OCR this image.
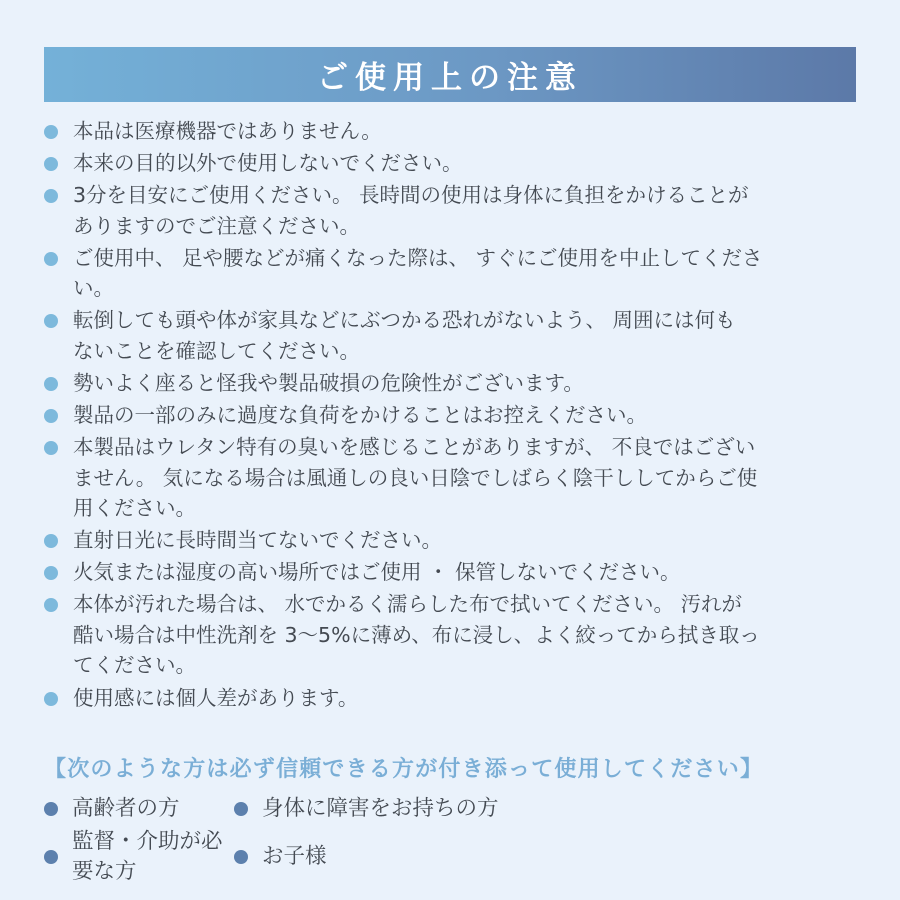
ご使用上の注意
本品は医療機器ではありません。
本来の目的以外で使用しないでください。
3分を目安にご使用ください。 長時間の使用は身体に負担をかけることが
ありますのでご注意ください。
ご使用中、 足や腰などが痛くなった際は、 すぐにご使用を中止してくださ
い。
転倒しても頭や体が家具などにぶつかる恐れがないよう、 周囲には何も
ないことを確認してください。
勢いよく座ると怪我や製品破損の危険性がございます。
製品の一部のみに過度な負荷をかけることはお控えください。
本製品はウレタン特有の臭いを感じることがありますが、 不良ではござい
ません。 気になる場合は風通しの良い日陰でしばらく陰干ししてからご使
用ください。
直射日光に長時間当てないでください。
火気または湿度の高い場所ではご使用 ・ 保管しないでください。
本体が汚れた場合は、 水でかるく濡らした布で拭いてください。 汚れが
酷い場合は中性洗剤を 3～5%に薄め、布に浸し、よく絞ってから拭き取っ
てください。
使用感には個人差があります。
【次のような方は必ず信頼できる方が付き添って使用してください】
高齢者の方	身体に障害をお持ちの方
監督・介助が必要な方
お子様
